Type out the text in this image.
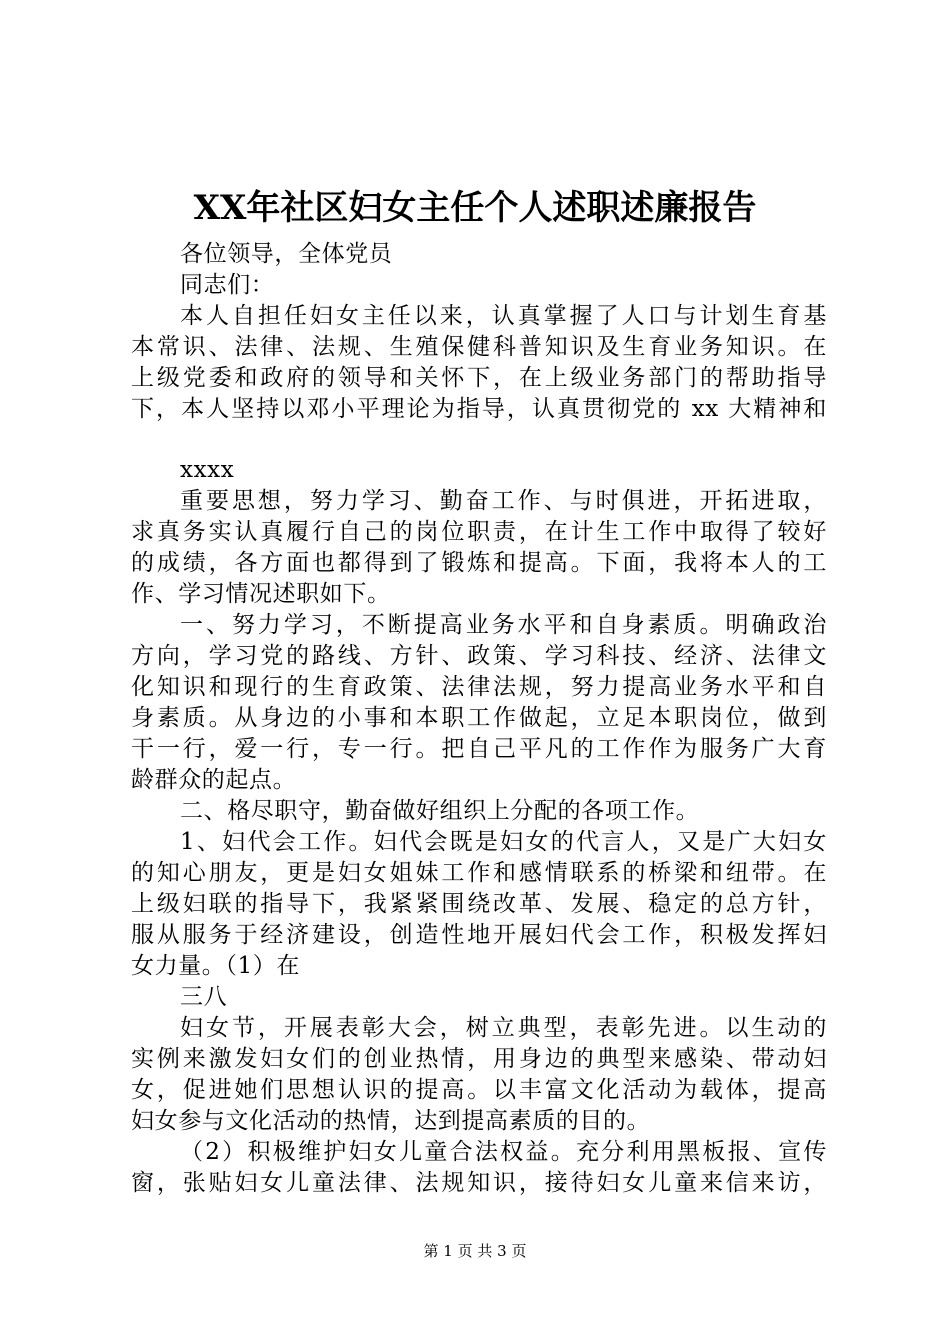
XX年社区妇女主任个人述职述廉报告
各位领导，全体党员
同志们：
本人自担任妇女主任以来，认真掌握了人口与计划生育基
本常识、法律、法规、生殖保健科普知识及生育业务知识。在
上级党委和政府的领导和关怀下，在上级业务部门的帮助指导
下，本人坚持以邓小平理论为指导，认真贯彻党的 xx 大精神和
xxxx
重要思想，努力学习、勤奋工作、与时俱进，开拓进取，
求真务实认真履行自己的岗位职责，在计生工作中取得了较好
的成绩，各方面也都得到了锻炼和提高。下面，我将本人的工
作、学习情况述职如下。
一、努力学习，不断提高业务水平和自身素质。明确政治
方向，学习党的路线、方针、政策、学习科技、经济、法律文
化知识和现行的生育政策、法律法规，努力提高业务水平和自
身素质。从身边的小事和本职工作做起，立足本职岗位，做到
干一行，爱一行，专一行。把自己平凡的工作作为服务广大育
龄群众的起点。
二、格尽职守，勤奋做好组织上分配的各项工作。
1、妇代会工作。妇代会既是妇女的代言人，又是广大妇女
的知心朋友，更是妇女姐妹工作和感情联系的桥梁和纽带。在
上级妇联的指导下，我紧紧围绕改革、发展、稳定的总方针，
服从服务于经济建设，创造性地开展妇代会工作，积极发挥妇
女力量。（1）在
三八
妇女节，开展表彰大会，树立典型，表彰先进。以生动的
实例来激发妇女们的创业热情，用身边的典型来感染、带动妇
女，促进她们思想认识的提高。以丰富文化活动为载体，提高
妇女参与文化活动的热情，达到提高素质的目的。
（2）积极维护妇女儿童合法权益。充分利用黑板报、宣传
窗，张贴妇女儿童法律、法规知识，接待妇女儿童来信来访，
第 1 页 共 3 页
